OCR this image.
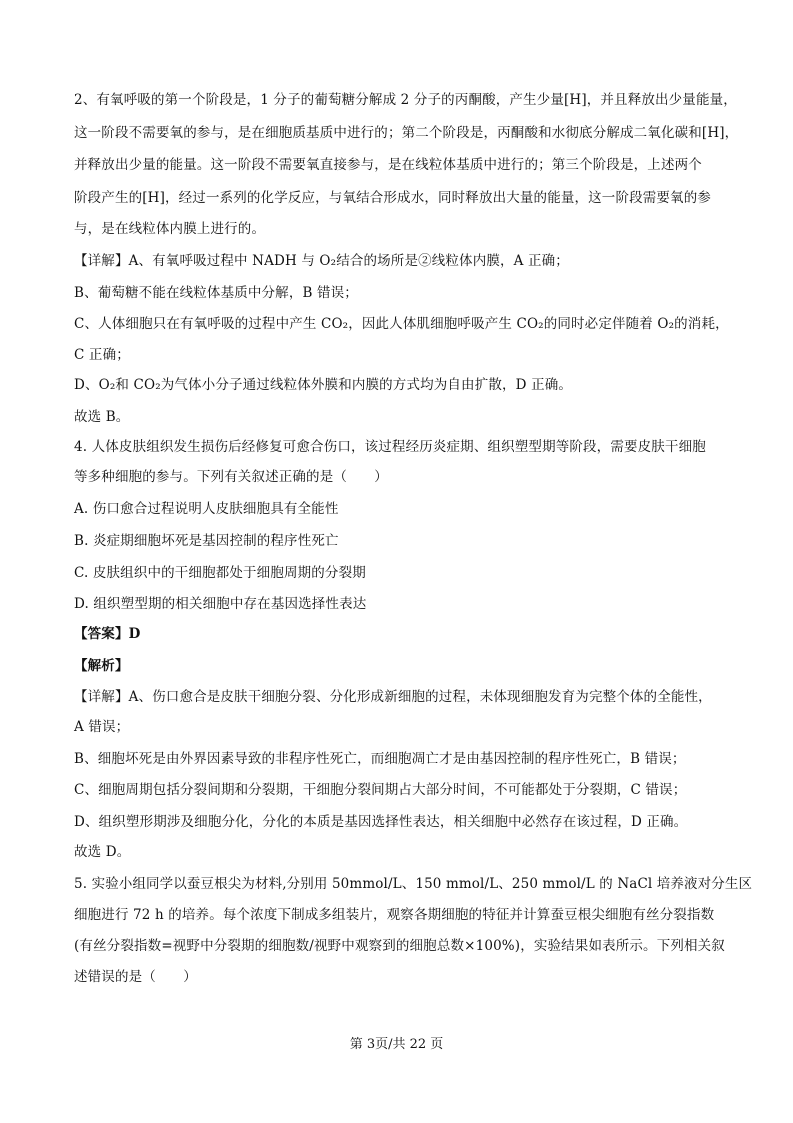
2、有氧呼吸的第一个阶段是，1 分子的葡萄糖分解成 2 分子的丙酮酸，产生少量[H]，并且释放出少量能量，
这一阶段不需要氧的参与，是在细胞质基质中进行的；第二个阶段是，丙酮酸和水彻底分解成二氧化碳和[H]，
并释放出少量的能量。这一阶段不需要氧直接参与，是在线粒体基质中进行的；第三个阶段是，上述两个
阶段产生的[H]，经过一系列的化学反应，与氧结合形成水，同时释放出大量的能量，这一阶段需要氧的参
与，是在线粒体内膜上进行的。
【详解】A、有氧呼吸过程中 NADH 与 O₂结合的场所是②线粒体内膜，A 正确；
B、葡萄糖不能在线粒体基质中分解，B 错误；
C、人体细胞只在有氧呼吸的过程中产生 CO₂，因此人体肌细胞呼吸产生 CO₂的同时必定伴随着 O₂的消耗，
C 正确；
D、O₂和 CO₂为气体小分子通过线粒体外膜和内膜的方式均为自由扩散，D 正确。
故选 B。
4. 人体皮肤组织发生损伤后经修复可愈合伤口，该过程经历炎症期、组织塑型期等阶段，需要皮肤干细胞
等多种细胞的参与。下列有关叙述正确的是（　　）
A. 伤口愈合过程说明人皮肤细胞具有全能性
B. 炎症期细胞坏死是基因控制的程序性死亡
C. 皮肤组织中的干细胞都处于细胞周期的分裂期
D. 组织塑型期的相关细胞中存在基因选择性表达
【答案】D
【解析】
【详解】A、伤口愈合是皮肤干细胞分裂、分化形成新细胞的过程，未体现细胞发育为完整个体的全能性，
A 错误；
B、细胞坏死是由外界因素导致的非程序性死亡，而细胞凋亡才是由基因控制的程序性死亡，B 错误；
C、细胞周期包括分裂间期和分裂期，干细胞分裂间期占大部分时间，不可能都处于分裂期，C 错误；
D、组织塑形期涉及细胞分化，分化的本质是基因选择性表达，相关细胞中必然存在该过程，D 正确。
故选 D。
5. 实验小组同学以蚕豆根尖为材料,分别用 50mmol/L、150 mmol/L、250 mmol/L 的 NaCl 培养液对分生区
细胞进行 72 h 的培养。每个浓度下制成多组装片，观察各期细胞的特征并计算蚕豆根尖细胞有丝分裂指数
(有丝分裂指数=视野中分裂期的细胞数/视野中观察到的细胞总数×100%)，实验结果如表所示。下列相关叙
述错误的是（　　）
第 3页/共 22 页
